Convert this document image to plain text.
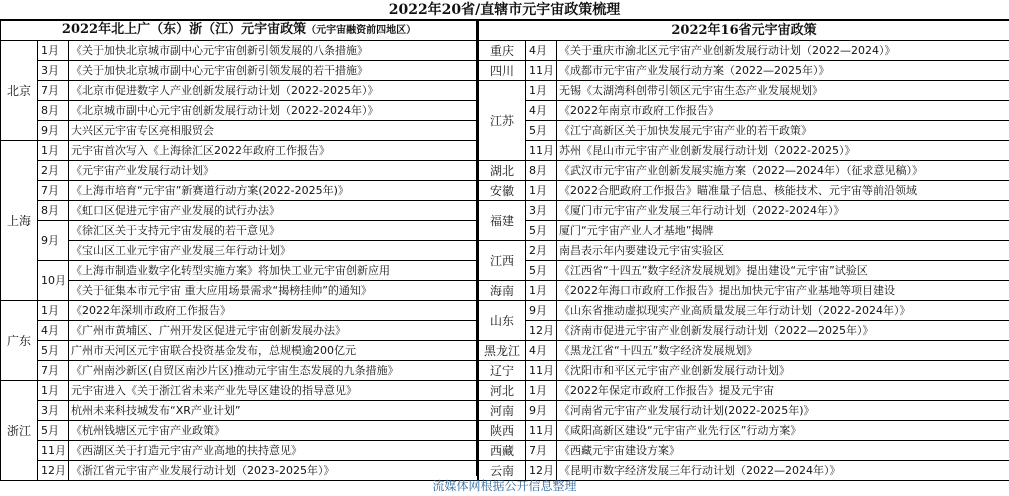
2022年20省/直辖市元宇宙政策梳理
2022年北上广（东）浙（江）元宇宙政策（元宇宙融资前四地区）		
北京	1月	《关于加快北京城市副中心元宇宙创新引领发展的八条措施》
	3月	《关于加快北京城市副中心元宇宙创新引领发展的若干措施》
	7月	《北京市促进数字人产业创新发展行动计划（2022-2025年）》
	8月	《北京城市副中心元宇宙创新发展行动计划（2022-2024年）》
	9月	大兴区元宇宙专区亮相服贸会
上海	1月	元宇宙首次写入《上海徐汇区2022年政府工作报告》
	2月	《元宇宙产业发展行动计划》
	7月	《上海市培育“元宇宙”新赛道行动方案(2022-2025年)》
	8月	《虹口区促进元宇宙产业发展的试行办法》
	9月	《徐汇区关于支持元宇宙发展的若干意见》
		《宝山区工业元宇宙产业发展三年行动计划》
	10月	《上海市制造业数字化转型实施方案》将加快工业元宇宙创新应用
		《关于征集本市元宇宙 重大应用场景需求“揭榜挂帅”的通知》
广东	1月	《2022年深圳市政府工作报告》
	4月	《广州市黄埔区、广州开发区促进元宇宙创新发展办法》
	5月	广州市天河区元宇宙联合投资基金发布，总规模逾200亿元
	7月	《广州南沙新区(自贸区南沙片区)推动元宇宙生态发展的九条措施》
浙江	1月	元宇宙进入《关于浙江省未来产业先导区建设的指导意见》
	3月	杭州未来科技城发布“XR产业计划”
	5月	《杭州钱塘区元宇宙产业政策》
	11月	《西湖区关于打造元宇宙产业高地的扶持意见》
	12月	《浙江省元宇宙产业发展行动计划（2023-2025年）》
2022年16省元宇宙政策		
重庆	4月	《关于重庆市渝北区元宇宙产业创新发展行动计划（2022—2024）》
四川	11月	《成都市元宇宙产业发展行动方案（2022—2025年）》
江苏	1月	无锡《太湖湾科创带引领区元宇宙生态产业发展规划》
	4月	《2022年南京市政府工作报告》
	5月	《江宁高新区关于加快发展元宇宙产业的若干政策》
	11月	苏州《昆山市元宇宙产业创新发展行动计划（2022-2025）》
湖北	8月	《武汉市元宇宙产业创新发展实施方案（2022—2024年）（征求意见稿）》
安徽	1月	《2022合肥政府工作报告》瞄准量子信息、核能技术、元宇宙等前沿领域
福建	3月	《厦门市元宇宙产业发展三年行动计划（2022-2024年）》
	5月	厦门“元宇宙产业人才基地”揭牌
江西	2月	南昌表示年内要建设元宇宙实验区
	5月	《江西省“十四五”数字经济发展规划》提出建设“元宇宙”试验区
海南	1月	《2022年海口市政府工作报告》提出加快元宇宙产业基地等项目建设
山东	9月	《山东省推动虚拟现实产业高质量发展三年行动计划（2022-2024年）》
	12月	《济南市促进元宇宙产业创新发展行动计划（2022—2025年）》
黑龙江	4月	《黑龙江省“十四五”数字经济发展规划》
辽宁	11月	《沈阳市和平区元宇宙产业创新发展行动计划》
河北	1月	《2022年保定市政府工作报告》提及元宇宙
河南	9月	《河南省元宇宙产业发展行动计划(2022-2025年)》
陕西	11月	《咸阳高新区建设“元宇宙产业先行区”行动方案》
西藏	7月	《西藏元宇宙建设方案》
云南	12月	《昆明市数字经济发展三年行动计划（2022—2024年）》
流媒体网根据公开信息整理
